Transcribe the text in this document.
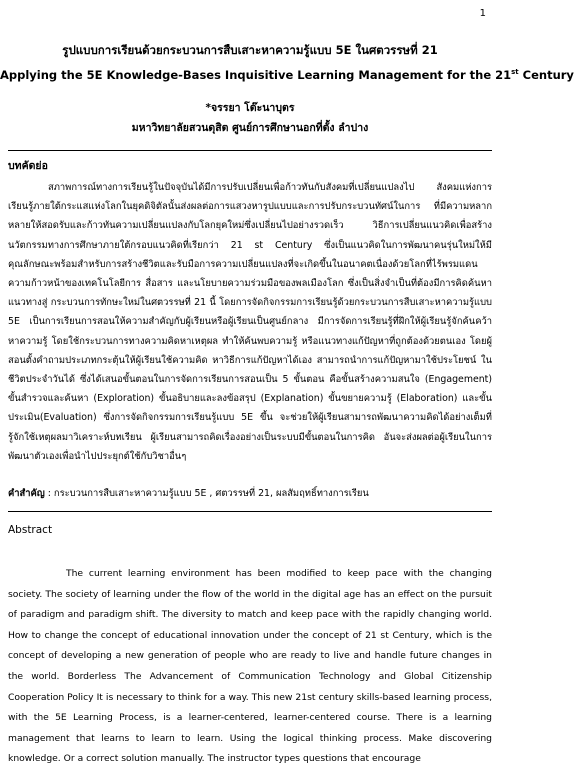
1

รูปแบบการเรียนด้วยกระบวนการสืบเสาะหาความรู้แบบ 5E ในศตวรรษที่ 21

Applying the 5E Knowledge-Bases Inquisitive Learning Management for the 21st Century

*จรรยา โต๊ะนาบุตร
มหาวิทยาลัยสวนดุสิต ศูนย์การศึกษานอกที่ตั้ง ลำปาง
บทคัดย่อ

สภาพการณ์ทางการเรียนรู้ในปัจจุบันได้มีการปรับเปลี่ยนเพื่อก้าวทันกับสังคมที่เปลี่ยนแปลงไป สังคมแห่งการเรียนรู้ภายใต้กระแสแห่งโลกในยุคดิจิตัลนั้นส่งผลต่อการแสวงหารูปแบบและการปรับกระบวนทัศน์ในการ ที่มีความหลากหลายให้สอดรับและก้าวทันความเปลี่ยนแปลงกับโลกยุคใหม่ซึ่งเปลี่ยนไปอย่างรวดเร็ว วิธีการเปลี่ยนแนวคิดเพื่อสร้างนวัตกรรมทางการศึกษาภายใต้กรอบแนวคิดที่เรียกว่า 21 st Century ซึ่งเป็นแนวคิดในการพัฒนาคนรุ่นใหม่ให้มีคุณลักษณะพร้อมสำหรับการสร้างชีวิตและรับมือการความเปลี่ยนแปลงที่จะเกิดขึ้นในอนาคตเนื่องด้วยโลกที่ไร้พรมแดน ความก้าวหน้าของเทคโนโลยีการ สื่อสาร และนโยบายความร่วมมือของพลเมืองโลก ซึ่งเป็นสิ่งจำเป็นที่ต้องมีการคิดค้นหาแนวทางสู่ กระบวนการทักษะใหม่ในศตวรรษที่ 21 นี้ โดยการจัดกิจกรรมการเรียนรู้ด้วยกระบวนการสืบเสาะหาความรู้แบบ 5E เป็นการเรียนการสอนให้ความสำคัญกับผู้เรียนหรือผู้เรียนเป็นศูนย์กลาง มีการจัดการเรียนรู้ที่ฝึกให้ผู้เรียนรู้จักค้นคว้าหาความรู้ โดยใช้กระบวนการทางความคิดหาเหตุผล ทำให้ค้นพบความรู้ หรือแนวทางแก้ปัญหาที่ถูกต้องด้วยตนเอง โดยผู้สอนตั้งคำถามประเภทกระตุ้นให้ผู้เรียนใช้ความคิด หาวิธีการแก้ปัญหาได้เอง สามารถนำการแก้ปัญหามาใช้ประโยชน์ ในชีวิตประจำวันได้ ซึ่งได้เสนอขั้นตอนในการจัดการเรียนการสอนเป็น 5 ขั้นตอน คือขั้นสร้างความสนใจ (Engagement) ขั้นสำรวจและค้นหา (Exploration) ขั้นอธิบายและลงข้อสรุป (Explanation) ขั้นขยายความรู้ (Elaboration) และขั้นประเมิน(Evaluation) ซึ่งการจัดกิจกรรมการเรียนรู้แบบ 5E ขึ้น จะช่วยให้ผู้เรียนสามารถพัฒนาความคิดได้อย่างเต็มที่ รู้จักใช้เหตุผลมาวิเคราะห์บทเรียน ผู้เรียนสามารถคิดเรื่องอย่างเป็นระบบมีขั้นตอนในการคิด อันจะส่งผลต่อผู้เรียนในการพัฒนาตัวเองเพื่อนำไปประยุกต์ใช้กับวิชาอื่นๆ

คำสำคัญ : กระบวนการสืบเสาะหาความรู้แบบ 5E , ศตวรรษที่ 21, ผลสัมฤทธิ์ทางการเรียน

Abstract

The current learning environment has been modified to keep pace with the changing society. The society of learning under the flow of the world in the digital age has an effect on the pursuit of paradigm and paradigm shift. The diversity to match and keep pace with the rapidly changing world. How to change the concept of educational innovation under the concept of 21 st Century, which is the concept of developing a new generation of people who are ready to live and handle future changes in the world. Borderless The Advancement of Communication Technology and Global Citizenship Cooperation Policy It is necessary to think for a way. This new 21st century skills-based learning process, with the 5E Learning Process, is a learner-centered, learner-centered course. There is a learning management that learns to learn to learn. Using the logical thinking process. Make discovering knowledge. Or a correct solution manually. The instructor types questions that encourage
